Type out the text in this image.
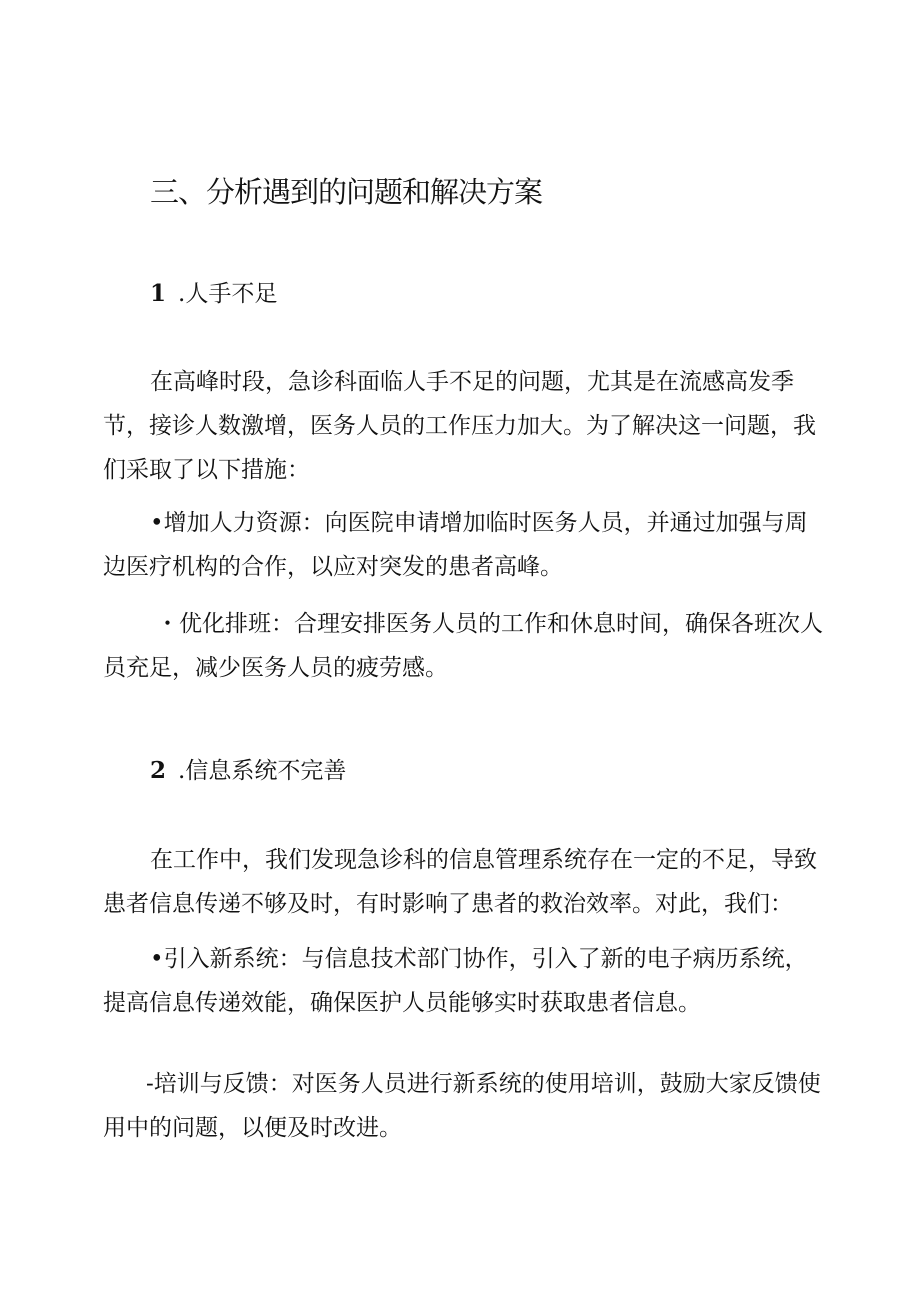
三、分析遇到的问题和解决方案
1 .人手不足

在高峰时段，急诊科面临人手不足的问题，尤其是在流感高发季节，接诊人数激增，医务人员的工作压力加大。为了解决这一问题，我们采取了以下措施：

•增加人力资源：向医院申请增加临时医务人员，并通过加强与周边医疗机构的合作，以应对突发的患者高峰。

・优化排班：合理安排医务人员的工作和休息时间，确保各班次人员充足，减少医务人员的疲劳感。

2 .信息系统不完善

在工作中，我们发现急诊科的信息管理系统存在一定的不足，导致患者信息传递不够及时，有时影响了患者的救治效率。对此，我们：

•引入新系统：与信息技术部门协作，引入了新的电子病历系统，提高信息传递效能，确保医护人员能够实时获取患者信息。

-培训与反馈：对医务人员进行新系统的使用培训，鼓励大家反馈使用中的问题，以便及时改进。
